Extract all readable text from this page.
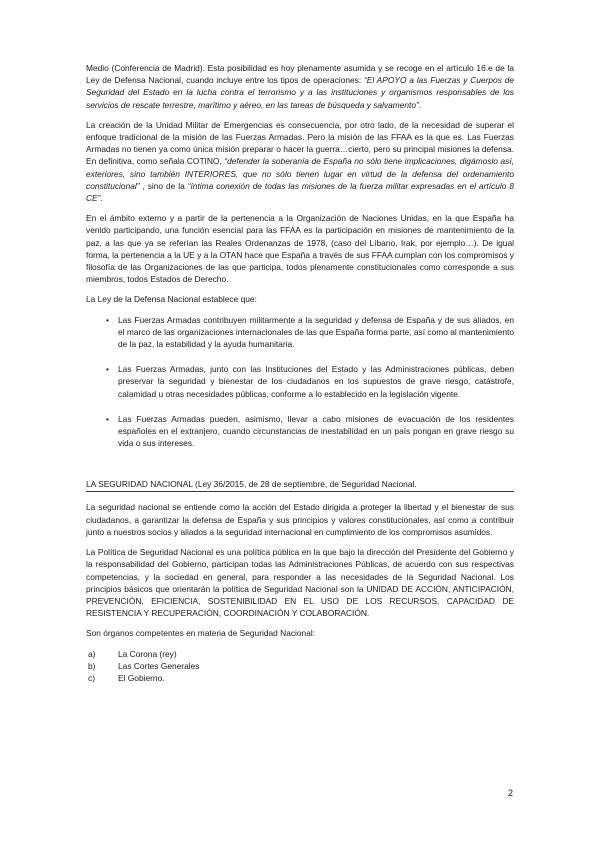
Medio (Conferencia de Madrid). Esta posibilidad es hoy plenamente asumida y se recoge en el artículo 16.e de la Ley de Defensa Nacional, cuando incluye entre los tipos de operaciones: “El APOYO a las Fuerzas y Cuerpos de Seguridad del Estado en la lucha contra el terrorismo y a las instituciones y organismos responsables de los servicios de rescate terrestre, marítimo y aéreo, en las tareas de búsqueda y salvamento”.

La creación de la Unidad Militar de Emergencias es consecuencia, por otro lado, de la necesidad de superar el enfoque tradicional de la misión de las Fuerzas Armadas. Pero la misión de las FFAA es la que es. Las Fuerzas Armadas no tienen ya como única misión preparar o hacer la guerra…cierto, pero su principal misiones la defensa. En definitiva, como señala COTINO, “defender la soberanía de España no sólo tiene implicaciones, digámoslo así, exteriores, sino también INTERIORES, que no sólo tienen lugar en virtud de la defensa del ordenamiento constitucional” , sino de la “íntima conexión de todas las misiones de la fuerza militar expresadas en el artículo 8 CE”.

En el ámbito externo y a partir de la pertenencia a la Organización de Naciones Unidas, en la que España ha venido participando, una función esencial para las FFAA es la participación en misiones de mantenimiento de la paz, a las que ya se referían las Reales Ordenanzas de 1978, (caso del Líbano, Irak, por ejemplo…). De igual forma, la pertenencia a la UE y a la OTAN hace que España a través de sus FFAA cumplan con los compromisos y filosofía de las Organizaciones de las que participa, todos plenamente constitucionales como corresponde a sus miembros, todos Estados de Derecho.

La Ley de la Defensa Nacional establece que:

• Las Fuerzas Armadas contribuyen militarmente a la seguridad y defensa de España y de sus aliados, en el marco de las organizaciones internacionales de las que España forma parte, así como al mantenimiento de la paz, la estabilidad y la ayuda humanitaria.
• Las Fuerzas Armadas, junto con las Instituciones del Estado y las Administraciones públicas, deben preservar la seguridad y bienestar de los ciudadanos en los supuestos de grave riesgo, catástrofe, calamidad u otras necesidades públicas, conforme a lo establecido en la legislación vigente.
• Las Fuerzas Armadas pueden, asimismo, llevar a cabo misiones de evacuación de los residentes españoles en el extranjero, cuando circunstancias de inestabilidad en un país pongan en grave riesgo su vida o sus intereses.
LA SEGURIDAD NACIONAL (Ley 36/2015, de 28 de septiembre, de Seguridad Nacional.

La seguridad nacional se entiende como la acción del Estado dirigida a proteger la libertad y el bienestar de sus ciudadanos, a garantizar la defensa de España y sus principios y valores constitucionales, así como a contribuir junto a nuestros socios y aliados a la seguridad internacional en cumplimiento de los compromisos asumidos.

La Política de Seguridad Nacional es una política pública en la que bajo la dirección del Presidente del Gobierno y la responsabilidad del Gobierno, participan todas las Administraciones Públicas, de acuerdo con sus respectivas competencias, y la sociedad en general, para responder a las necesidades de la Seguridad Nacional. Los principios básicos que orientarán la política de Seguridad Nacional son la UNIDAD DE ACCIÓN, ANTICIPACIÓN, PREVENCIÓN, EFICIENCIA, SOSTENIBILIDAD EN EL USO DE LOS RECURSOS, CAPACIDAD DE RESISTENCIA Y RECUPERACIÓN, COORDINACIÓN Y COLABORACIÓN.

Son órganos competentes en materia de Seguridad Nacional:

a)	La Corona (rey)
b)	Las Cortes Generales
c)	El Gobierno.
2
